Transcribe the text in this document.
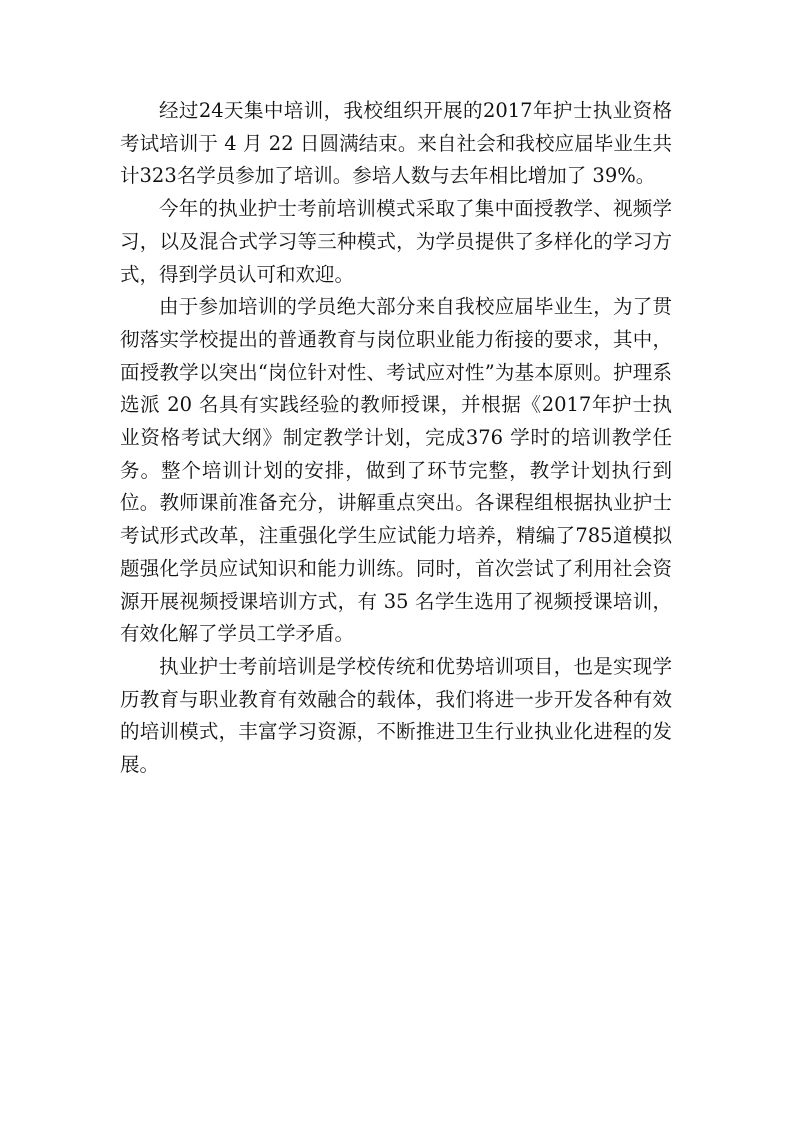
经过24天集中培训，我校组织开展的2017年护士执业资格考试培训于 4 月 22 日圆满结束。来自社会和我校应届毕业生共计323名学员参加了培训。参培人数与去年相比增加了 39%。

今年的执业护士考前培训模式采取了集中面授教学、视频学习，以及混合式学习等三种模式，为学员提供了多样化的学习方式，得到学员认可和欢迎。

由于参加培训的学员绝大部分来自我校应届毕业生，为了贯彻落实学校提出的普通教育与岗位职业能力衔接的要求，其中，面授教学以突出“岗位针对性、考试应对性”为基本原则。护理系选派 20 名具有实践经验的教师授课，并根据《2017年护士执业资格考试大纲》制定教学计划，完成376 学时的培训教学任务。整个培训计划的安排，做到了环节完整，教学计划执行到位。教师课前准备充分，讲解重点突出。各课程组根据执业护士考试形式改革，注重强化学生应试能力培养，精编了785道模拟题强化学员应试知识和能力训练。同时，首次尝试了利用社会资源开展视频授课培训方式，有 35 名学生选用了视频授课培训，有效化解了学员工学矛盾。

执业护士考前培训是学校传统和优势培训项目，也是实现学历教育与职业教育有效融合的载体，我们将进一步开发各种有效的培训模式，丰富学习资源，不断推进卫生行业执业化进程的发展。
